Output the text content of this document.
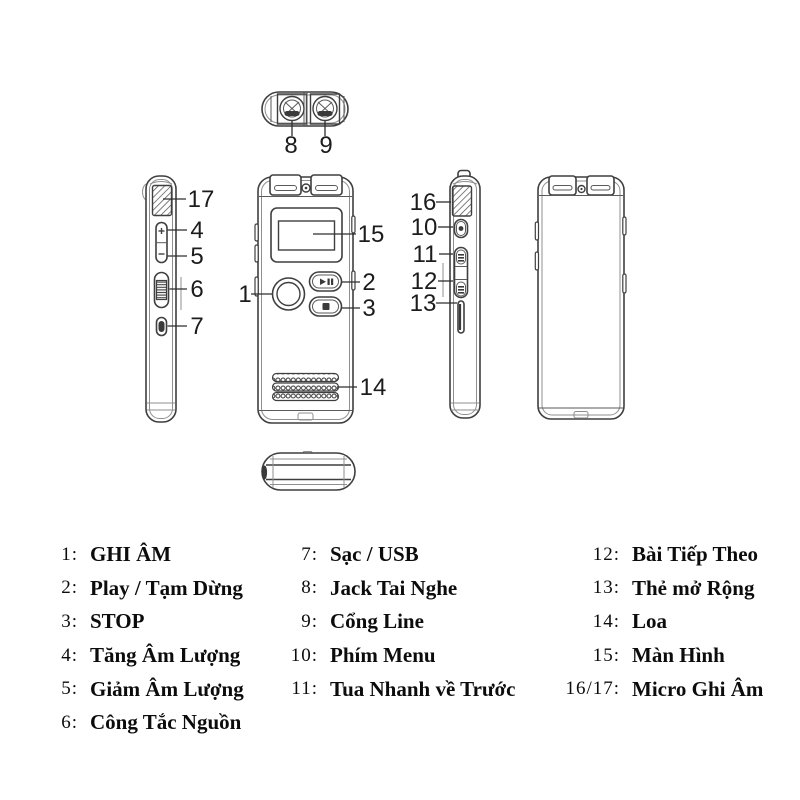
8 9
17
4
5
6
7
1
15
2
3
14
16
10
11
12
13
1: GHI ÂM
2: Play / Tạm Dừng
3: STOP
4: Tăng Âm Lượng
5: Giảm Âm Lượng
6: Công Tắc Nguồn
7: Sạc / USB
8: Jack Tai Nghe
9: Cổng Line
10: Phím Menu
11: Tua Nhanh về Trước
12: Bài Tiếp Theo
13: Thẻ mở Rộng
14: Loa
15: Màn Hình
16/17: Micro Ghi Âm
